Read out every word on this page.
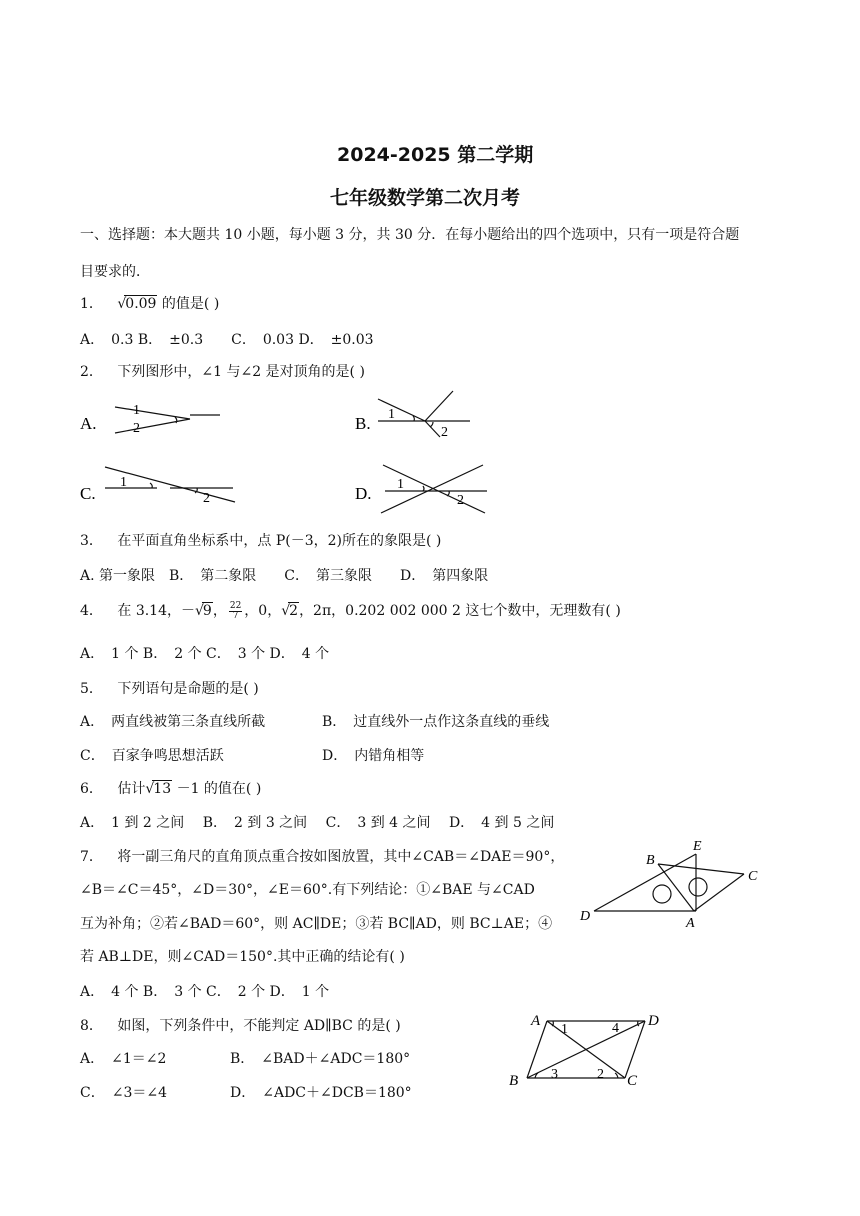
2024-2025 第二学期
七年级数学第二次月考
一、选择题：本大题共 10 小题，每小题 3 分，共 30 分．在每小题给出的四个选项中，只有一项是符合题
目要求的．
1． √0.09 的值是( )
A．　0.3 B．　±0.3　　C．　0.03 D．　±0.03
2． 下列图形中，∠1 与∠2 是对顶角的是( )
A.
1
2	B. 1
2
C.
1
2	D. 1
2
3． 在平面直角坐标系中，点 P(－3，2)所在的象限是( )
A. 第一象限　B．　第二象限　　C．　第三象限　　D．　第四象限
4． 在 3.14，－√9， $\frac{22}{7}$ ，0，√2，2π，0.202 002 000 2 这七个数中，无理数有( )
A．　1 个 B．　2 个 C．　3 个 D．　4 个
5． 下列语句是命题的是( )
A．　两直线被第三条直线所截	B．　过直线外一点作这条直线的垂线
C．　百家争鸣思想活跃	D．　内错角相等
6． 估计√13 －1 的值在( )
A．　1 到 2 之间　 B．　2 到 3 之间　 C．　3 到 4 之间　 D．　4 到 5 之间
7． 将一副三角尺的直角顶点重合按如图放置，其中∠CAB＝∠DAE＝90°，
∠B＝∠C＝45°，∠D＝30°，∠E＝60°.有下列结论：①∠BAE 与∠CAD
互为补角；②若∠BAD＝60°，则 AC∥DE；③若 BC∥AD，则 BC⊥AE；④
若 AB⊥DE，则∠CAD＝150°.其中正确的结论有( )
A．　4 个 B．　3 个 C．　2 个 D．　1 个
B
E
C
D	A
8． 如图，下列条件中，不能判定 AD∥BC 的是( )
A．　∠1＝∠2	B．　∠BAD＋∠ADC＝180°
C．　∠3＝∠4	D．　∠ADC＋∠DCB＝180°
A	D
B	C
1	4
3	2
